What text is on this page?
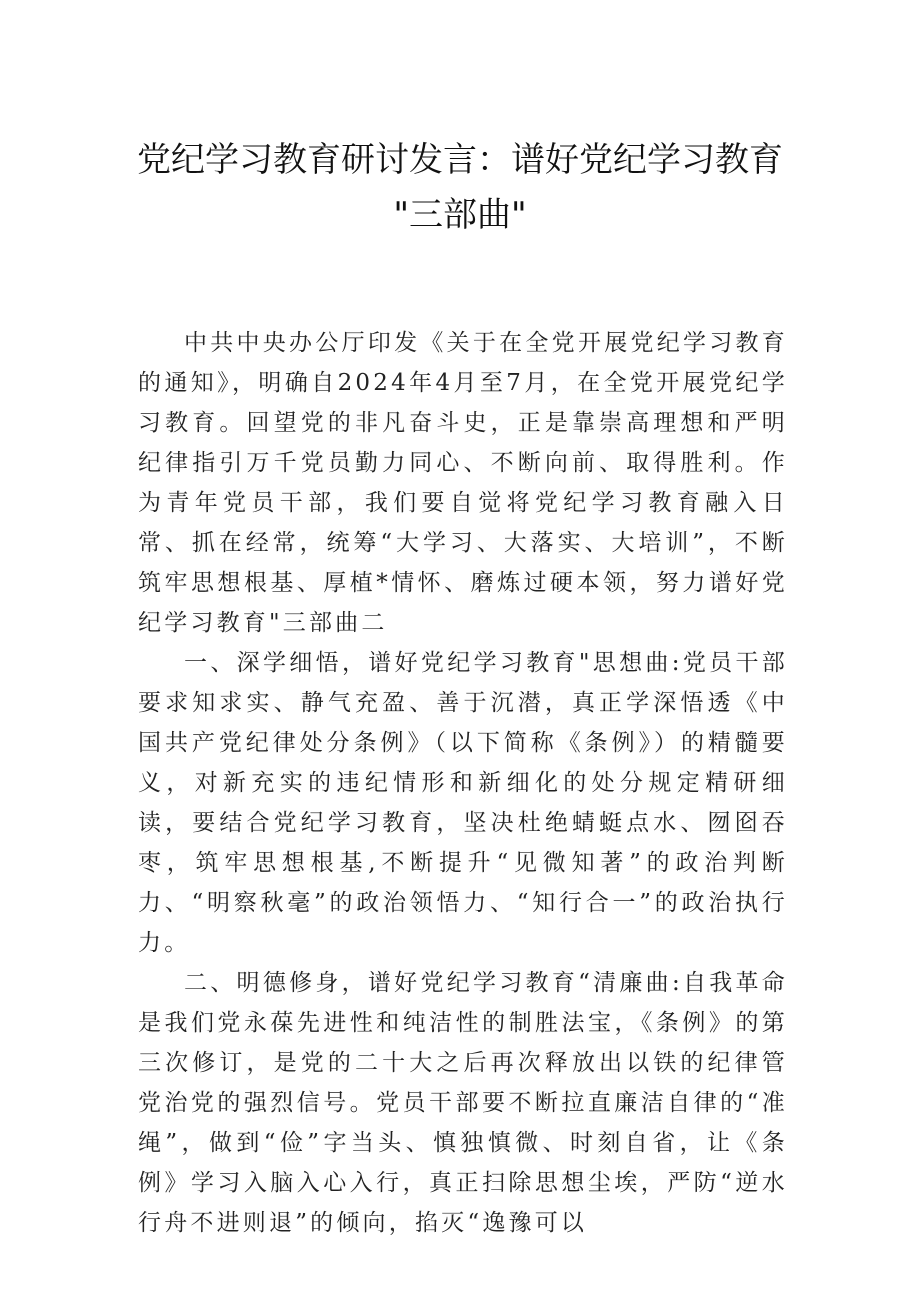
党纪学习教育研讨发言：谱好党纪学习教育
"三部曲"

中共中央办公厅印发《关于在全党开展党纪学习教育的通知》，明确自2024年4月至7月，在全党开展党纪学习教育。回望党的非凡奋斗史，正是靠崇高理想和严明纪律指引万千党员勤力同心、不断向前、取得胜利。作为青年党员干部，我们要自觉将党纪学习教育融入日常、抓在经常，统筹“大学习、大落实、大培训”，不断筑牢思想根基、厚植*情怀、磨炼过硬本领，努力谱好党纪学习教育"三部曲二

一、深学细悟，谱好党纪学习教育"思想曲:党员干部要求知求实、静气充盈、善于沉潜，真正学深悟透《中国共产党纪律处分条例》（以下简称《条例》）的精髓要义，对新充实的违纪情形和新细化的处分规定精研细读，要结合党纪学习教育，坚决杜绝蜻蜓点水、囫囵吞枣，筑牢思想根基,不断提升“见微知著”的政治判断力、“明察秋毫”的政治领悟力、“知行合一”的政治执行力。

二、明德修身，谱好党纪学习教育“清廉曲:自我革命是我们党永葆先进性和纯洁性的制胜法宝，《条例》的第三次修订，是党的二十大之后再次释放出以铁的纪律管党治党的强烈信号。党员干部要不断拉直廉洁自律的“准绳”，做到“俭”字当头、慎独慎微、时刻自省，让《条例》学习入脑入心入行，真正扫除思想尘埃，严防“逆水行舟不进则退”的倾向，掐灭“逸豫可以
